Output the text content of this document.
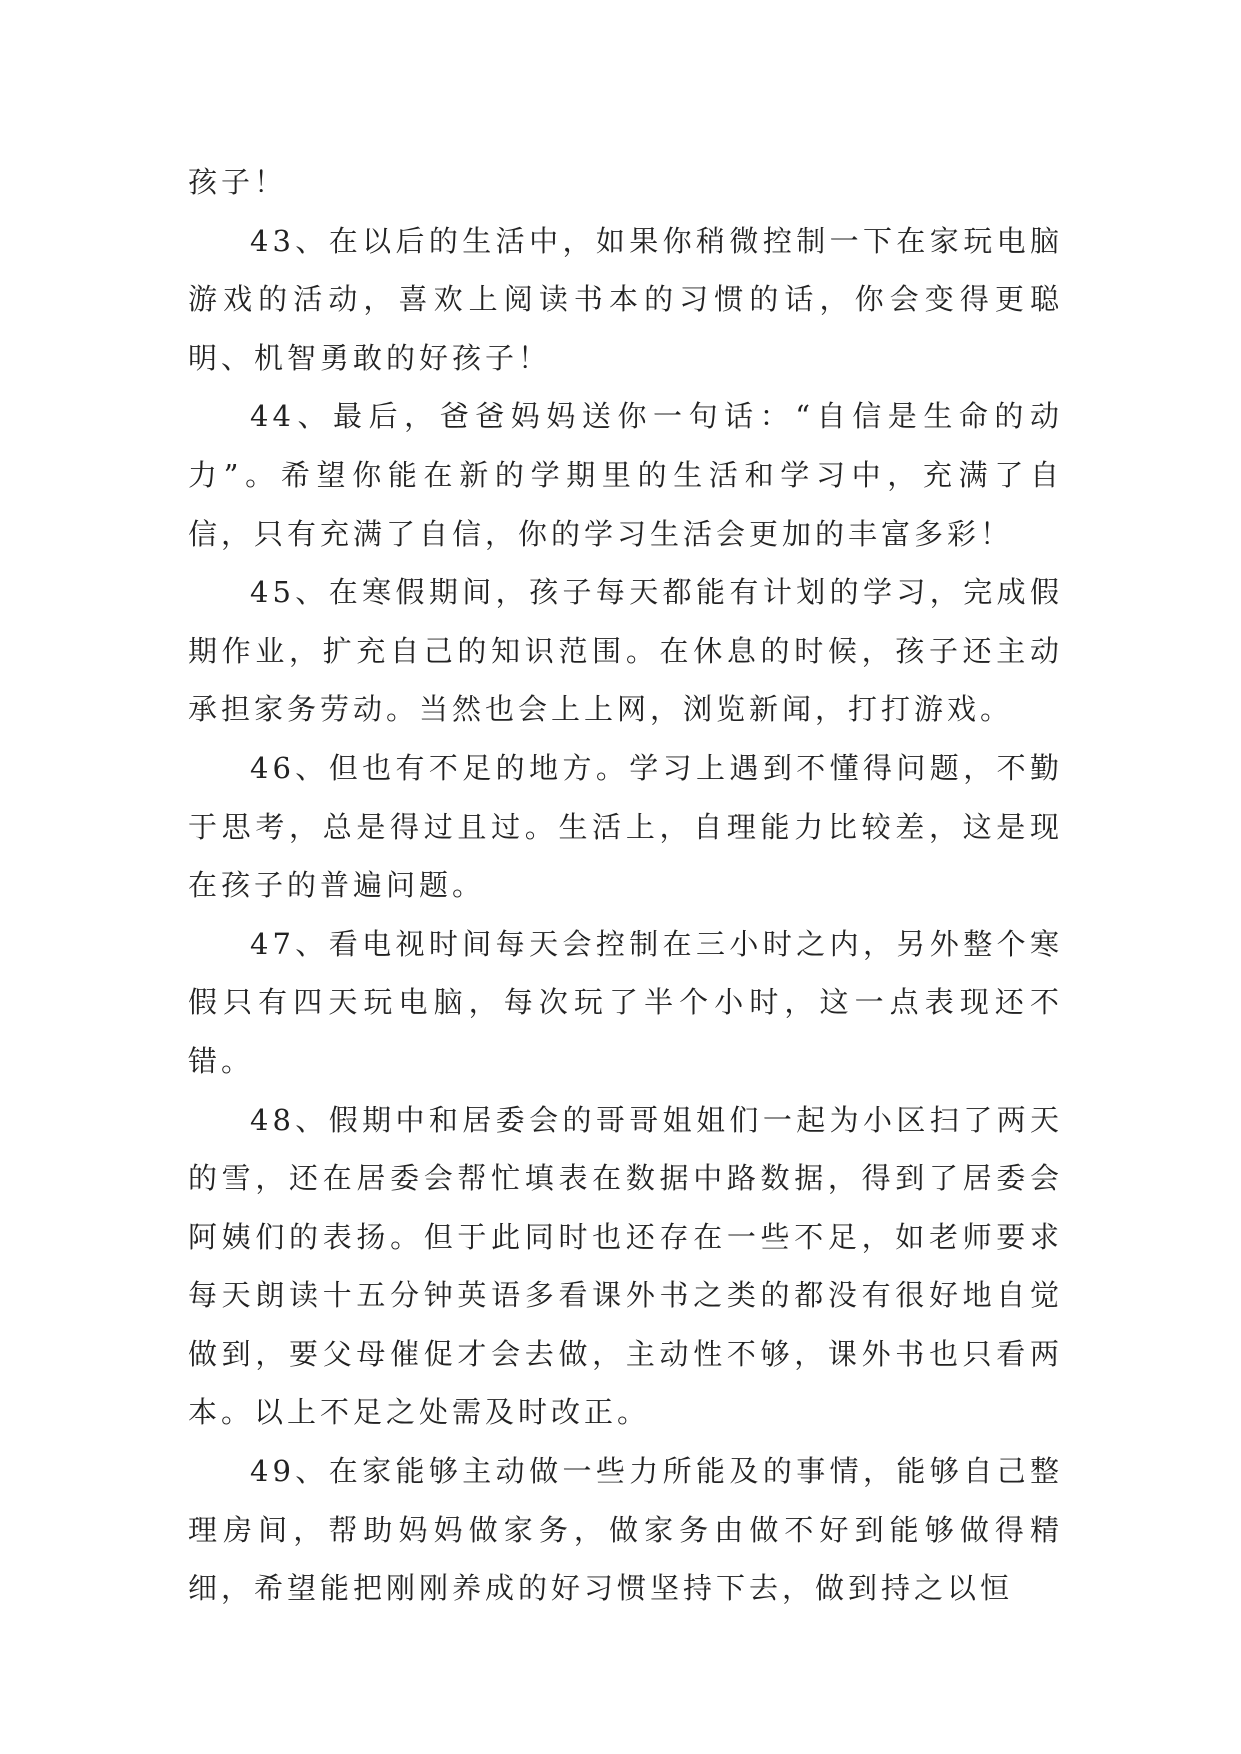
孩子！

43、在以后的生活中，如果你稍微控制一下在家玩电脑游戏的活动，喜欢上阅读书本的习惯的话，你会变得更聪明、机智勇敢的好孩子！

44、最后，爸爸妈妈送你一句话：“自信是生命的动力”。希望你能在新的学期里的生活和学习中，充满了自信，只有充满了自信，你的学习生活会更加的丰富多彩！

45、在寒假期间，孩子每天都能有计划的学习，完成假期作业，扩充自己的知识范围。在休息的时候，孩子还主动承担家务劳动。当然也会上上网，浏览新闻，打打游戏。

46、但也有不足的地方。学习上遇到不懂得问题，不勤于思考，总是得过且过。生活上，自理能力比较差，这是现在孩子的普遍问题。

47、看电视时间每天会控制在三小时之内，另外整个寒假只有四天玩电脑，每次玩了半个小时，这一点表现还不错。

48、假期中和居委会的哥哥姐姐们一起为小区扫了两天的雪，还在居委会帮忙填表在数据中路数据，得到了居委会阿姨们的表扬。但于此同时也还存在一些不足，如老师要求每天朗读十五分钟英语多看课外书之类的都没有很好地自觉做到，要父母催促才会去做，主动性不够，课外书也只看两本。以上不足之处需及时改正。

49、在家能够主动做一些力所能及的事情，能够自己整理房间，帮助妈妈做家务，做家务由做不好到能够做得精细，希望能把刚刚养成的好习惯坚持下去，做到持之以恒
